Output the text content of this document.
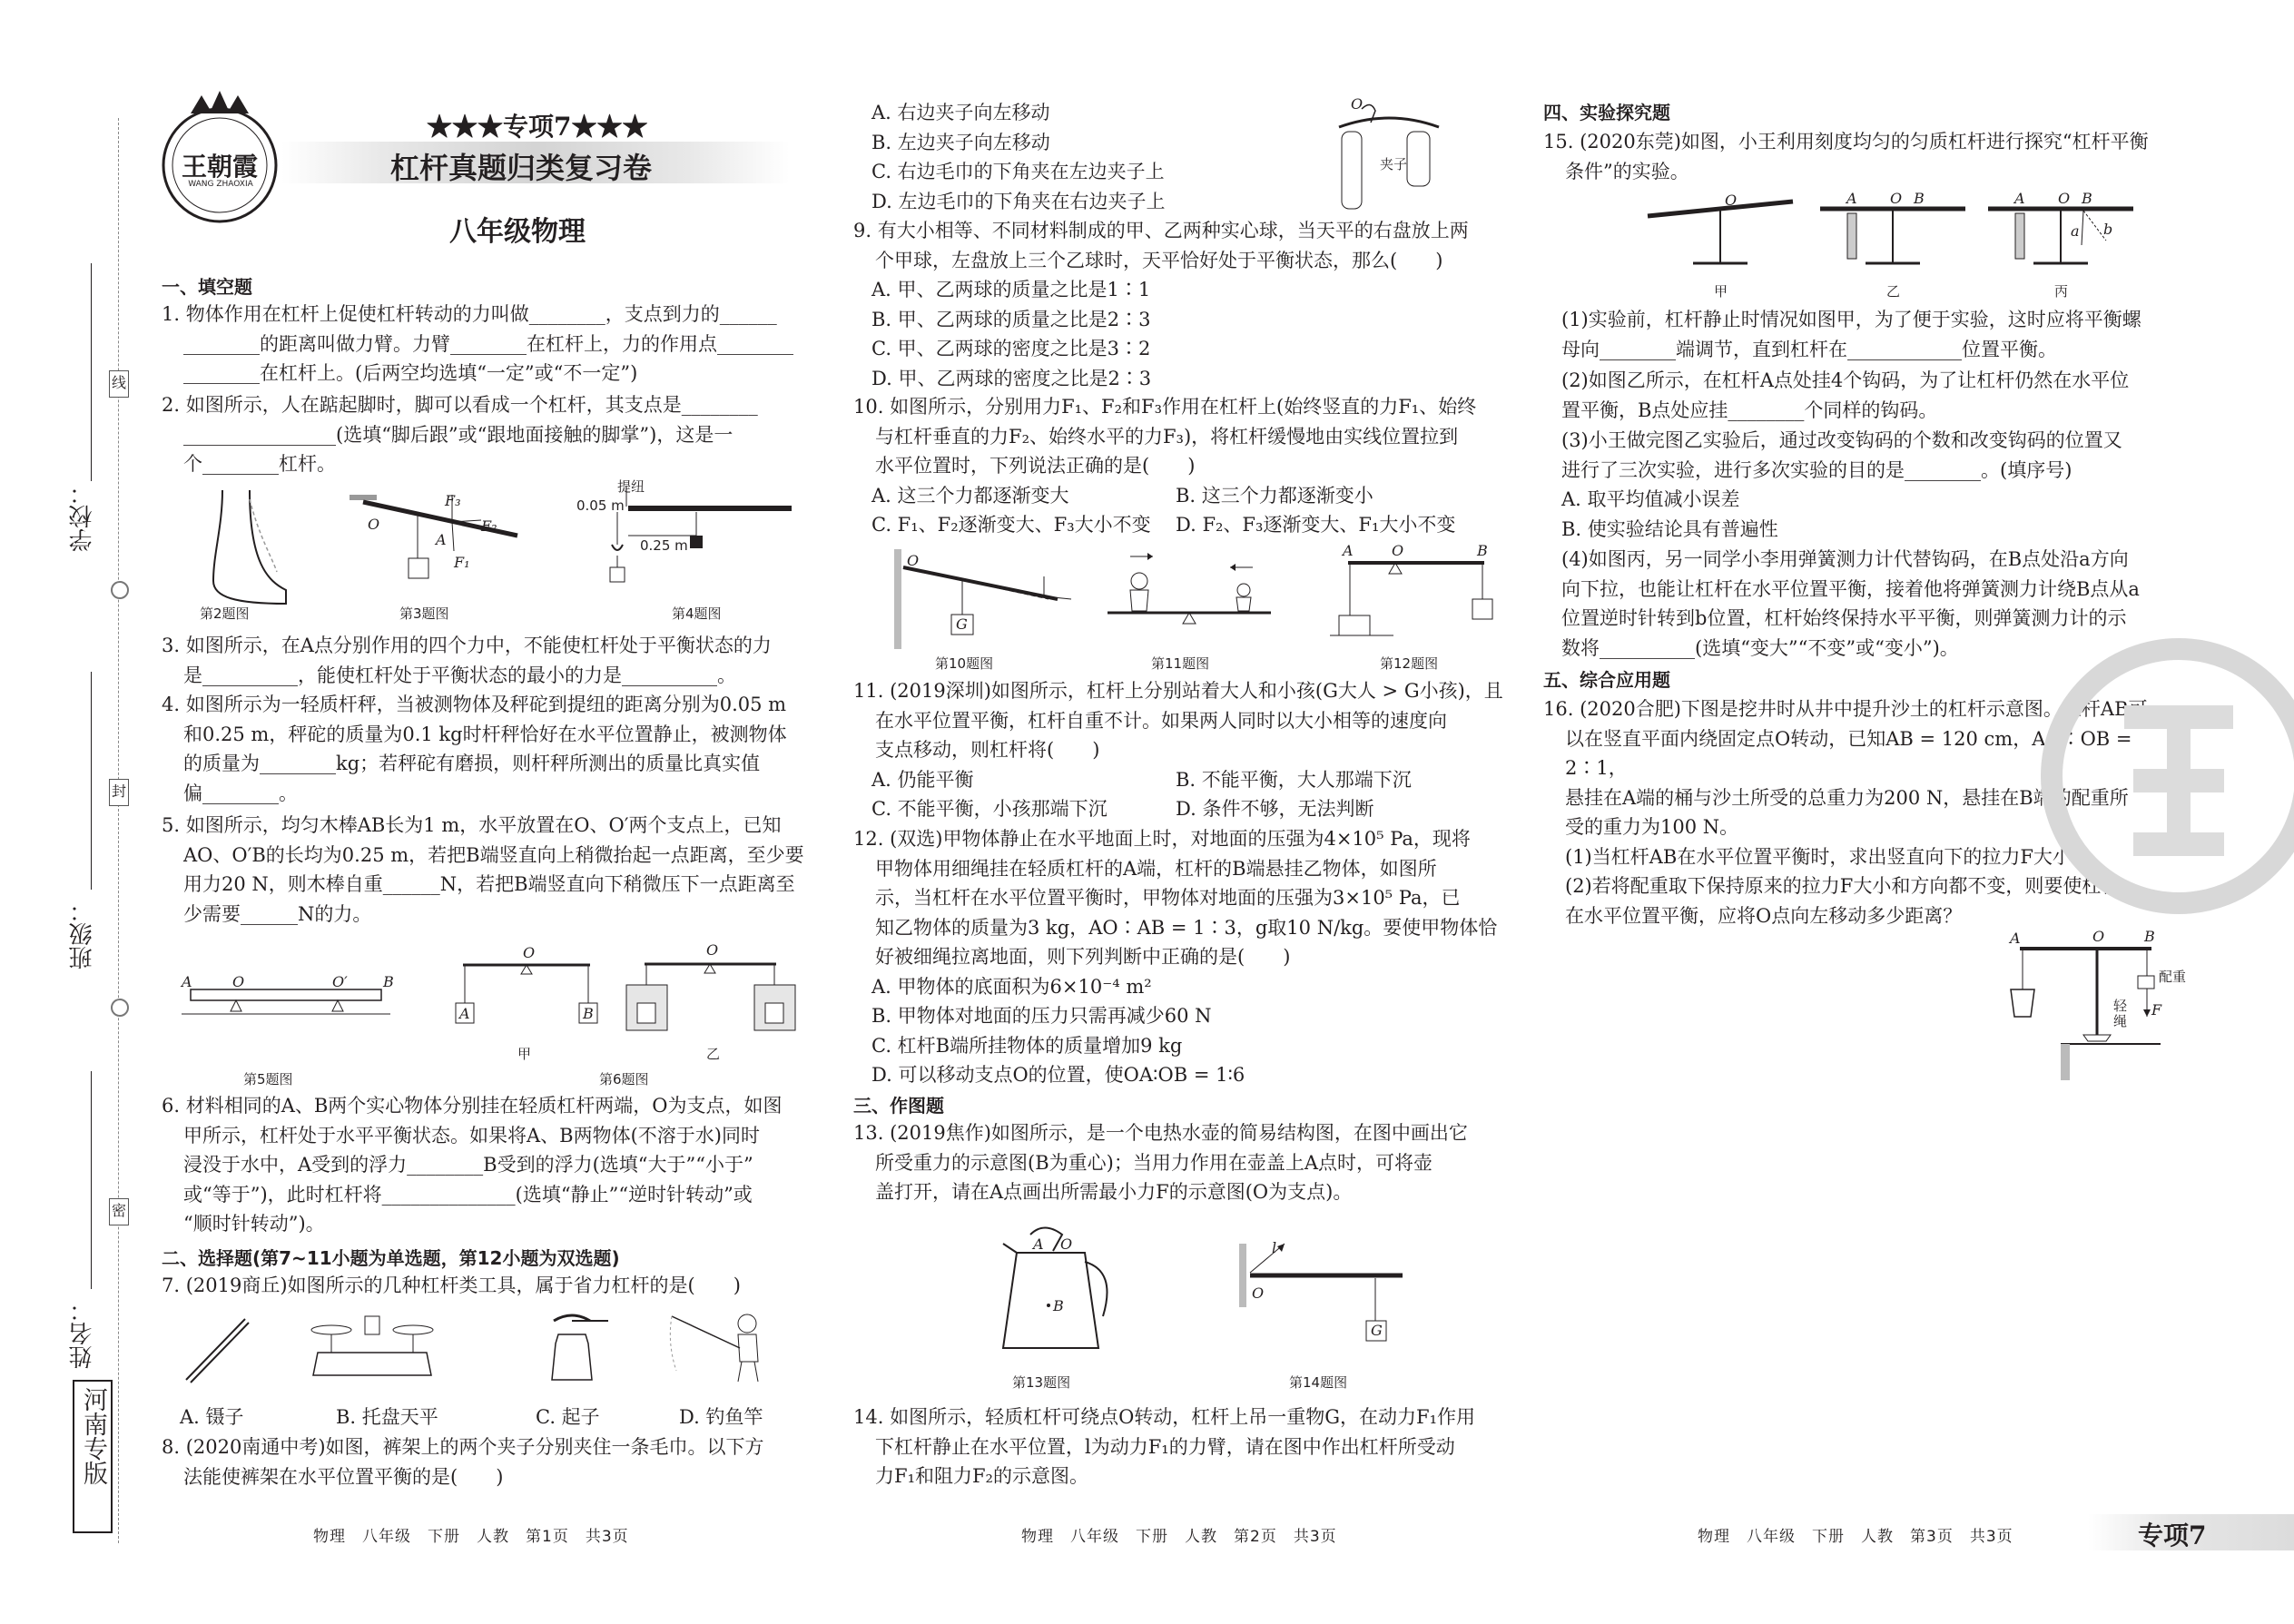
学校：
班级：
姓名：
线
封
密
河南专版
王朝霞
WANG ZHAOXIA
★★★专项7★★★
杠杆真题归类复习卷
八年级物理
一、填空题

1. 物体作用在杠杆上促使杠杆转动的力叫做________，支点到力的______

________的距离叫做力臂。力臂________在杠杆上，力的作用点________

________在杠杆上。(后两空均选填“一定”或“不一定”)

2. 如图所示，人在踮起脚时，脚可以看成一个杠杆，其支点是________

________________(选填“脚后跟”或“跟地面接触的脚掌”)，这是一

个________杠杆。

O
A
F₃
F₂
F₁
提纽
0.05 m
0.25 m
第2题图	第3题图	第4题图

3. 如图所示，在A点分别作用的四个力中，不能使杠杆处于平衡状态的力

是__________，能使杠杆处于平衡状态的最小的力是__________。

4. 如图所示为一轻质杆秤，当被测物体及秤砣到提纽的距离分别为0.05 m

和0.25 m，秤砣的质量为0.1 kg时杆秤恰好在水平位置静止，被测物体

的质量为________kg；若秤砣有磨损，则杆秤所测出的质量比真实值

偏________。

5. 如图所示，均匀木棒AB长为1 m，水平放置在O、O′两个支点上，已知

AO、O′B的长均为0.25 m，若把B端竖直向上稍微抬起一点距离，至少要

用力20 N，则木棒自重______N，若把B端竖直向下稍微压下一点距离至

少需要______N的力。

A	B
O	O′
O
A	B
O
甲	乙
第5题图	第6题图

6. 材料相同的A、B两个实心物体分别挂在轻质杠杆两端，O为支点，如图

甲所示，杠杆处于水平平衡状态。如果将A、B两物体(不溶于水)同时

浸没于水中，A受到的浮力________B受到的浮力(选填“大于”“小于”

或“等于”)，此时杠杆将______________(选填“静止”“逆时针转动”或

“顺时针转动”)。

二、选择题(第7~11小题为单选题，第12小题为双选题)
7. (2019商丘)如图所示的几种杠杆类工具，属于省力杠杆的是(　　)
A. 镊子	B. 托盘天平	C. 起子	D. 钓鱼竿

8. (2020南通中考)如图，裤架上的两个夹子分别夹住一条毛巾。以下方

法能使裤架在水平位置平衡的是(　　)

物理　八年级　下册　人教　第1页　共3页

A. 右边夹子向左移动

B. 左边夹子向左移动

C. 右边毛巾的下角夹在左边夹子上

D. 左边毛巾的下角夹在右边夹子上

O
夹子

9. 有大小相等、不同材料制成的甲、乙两种实心球，当天平的右盘放上两

个甲球，左盘放上三个乙球时，天平恰好处于平衡状态，那么(　　)

A. 甲、乙两球的质量之比是1∶1

B. 甲、乙两球的质量之比是2∶3

C. 甲、乙两球的密度之比是3∶2

D. 甲、乙两球的密度之比是2∶3

10. 如图所示，分别用力F₁、F₂和F₃作用在杠杆上(始终竖直的力F₁、始终

与杠杆垂直的力F₂、始终水平的力F₃)，将杠杆缓慢地由实线位置拉到

水平位置时，下列说法正确的是(　　)

A. 这三个力都逐渐变大	B. 这三个力都逐渐变小
C. F₁、F₂逐渐变大、F₃大小不变 D. F₂、F₃逐渐变大、F₁大小不变
O
G
A	O	B
第10题图	第11题图	第12题图

11. (2019深圳)如图所示，杠杆上分别站着大人和小孩(G大人 > G小孩)，且

在水平位置平衡，杠杆自重不计。如果两人同时以大小相等的速度向

支点移动，则杠杆将(　　)

A. 仍能平衡	B. 不能平衡，大人那端下沉
C. 不能平衡，小孩那端下沉	D. 条件不够，无法判断

12. (双选)甲物体静止在水平地面上时，对地面的压强为4×10⁵ Pa，现将

甲物体用细绳挂在轻质杠杆的A端，杠杆的B端悬挂乙物体，如图所

示，当杠杆在水平位置平衡时，甲物体对地面的压强为3×10⁵ Pa，已

知乙物体的质量为3 kg，AO∶AB = 1∶3，g取10 N/kg。要使甲物体恰

好被细绳拉离地面，则下列判断中正确的是(　　)

A. 甲物体的底面积为6×10⁻⁴ m²

B. 甲物体对地面的压力只需再减少60 N

C. 杠杆B端所挂物体的质量增加9 kg

D. 可以移动支点O的位置，使OA∶OB = 1∶6

三、作图题

13. (2019焦作)如图所示，是一个电热水壶的简易结构图，在图中画出它

所受重力的示意图(B为重心)；当用力作用在壶盖上A点时，可将壶

盖打开，请在A点画出所需最小力F的示意图(O为支点)。

B
A O
O
l
G
第13题图	第14题图

14. 如图所示，轻质杠杆可绕点O转动，杠杆上吊一重物G，在动力F₁作用

下杠杆静止在水平位置，l为动力F₁的力臂，请在图中作出杠杆所受动

力F₁和阻力F₂的示意图。

物理　八年级　下册　人教　第2页　共3页
四、实验探究题

15. (2020东莞)如图，小王利用刻度均匀的匀质杠杆进行探究“杠杆平衡

条件”的实验。

O	A O B	A O B
a b
甲	乙	丙

(1)实验前，杠杆静止时情况如图甲，为了便于实验，这时应将平衡螺

母向________端调节，直到杠杆在____________位置平衡。

(2)如图乙所示，在杠杆A点处挂4个钩码，为了让杠杆仍然在水平位

置平衡，B点处应挂________个同样的钩码。

(3)小王做完图乙实验后，通过改变钩码的个数和改变钩码的位置又

进行了三次实验，进行多次实验的目的是________。(填序号)

A. 取平均值减小误差

B. 使实验结论具有普遍性

(4)如图丙，另一同学小李用弹簧测力计代替钩码，在B点处沿a方向

向下拉，也能让杠杆在水平位置平衡，接着他将弹簧测力计绕B点从a

位置逆时针转到b位置，杠杆始终保持水平平衡，则弹簧测力计的示

数将__________(选填“变大”“不变”或“变小”)。

五、综合应用题

16. (2020合肥)下图是挖井时从井中提升沙土的杠杆示意图。杠杆AB可

以在竖直平面内绕固定点O转动，已知AB = 120 cm，AO∶OB = 2∶1，

悬挂在A端的桶与沙土所受的总重力为200 N，悬挂在B端的配重所

受的重力为100 N。

(1)当杠杆AB在水平位置平衡时，求出竖直向下的拉力F大小。

(2)若将配重取下保持原来的拉力F大小和方向都不变，则要使杠杆

在水平位置平衡，应将O点向左移动多少距离？

A	O	B
F
配重
轻绳
物理　八年级　下册　人教　第3页　共3页	专项7
